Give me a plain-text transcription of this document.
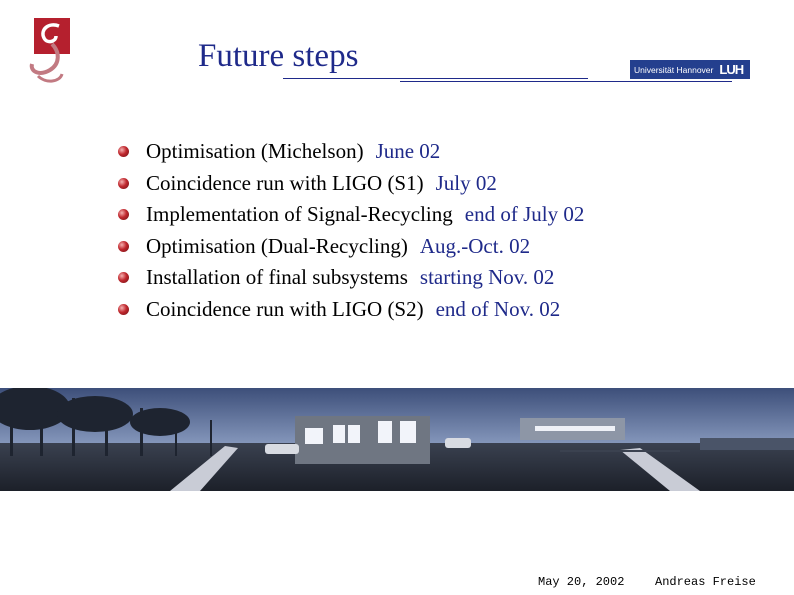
Future steps	Universität Hannover LUH
Optimisation (Michelson) June 02
Coincidence run with LIGO (S1) July 02
Implementation of Signal-Recycling end of July 02
Optimisation (Dual-Recycling) Aug.-Oct. 02
Installation of final subsystems starting Nov. 02
Coincidence run with LIGO (S2) end of Nov. 02
May 20, 2002	Andreas Freise
